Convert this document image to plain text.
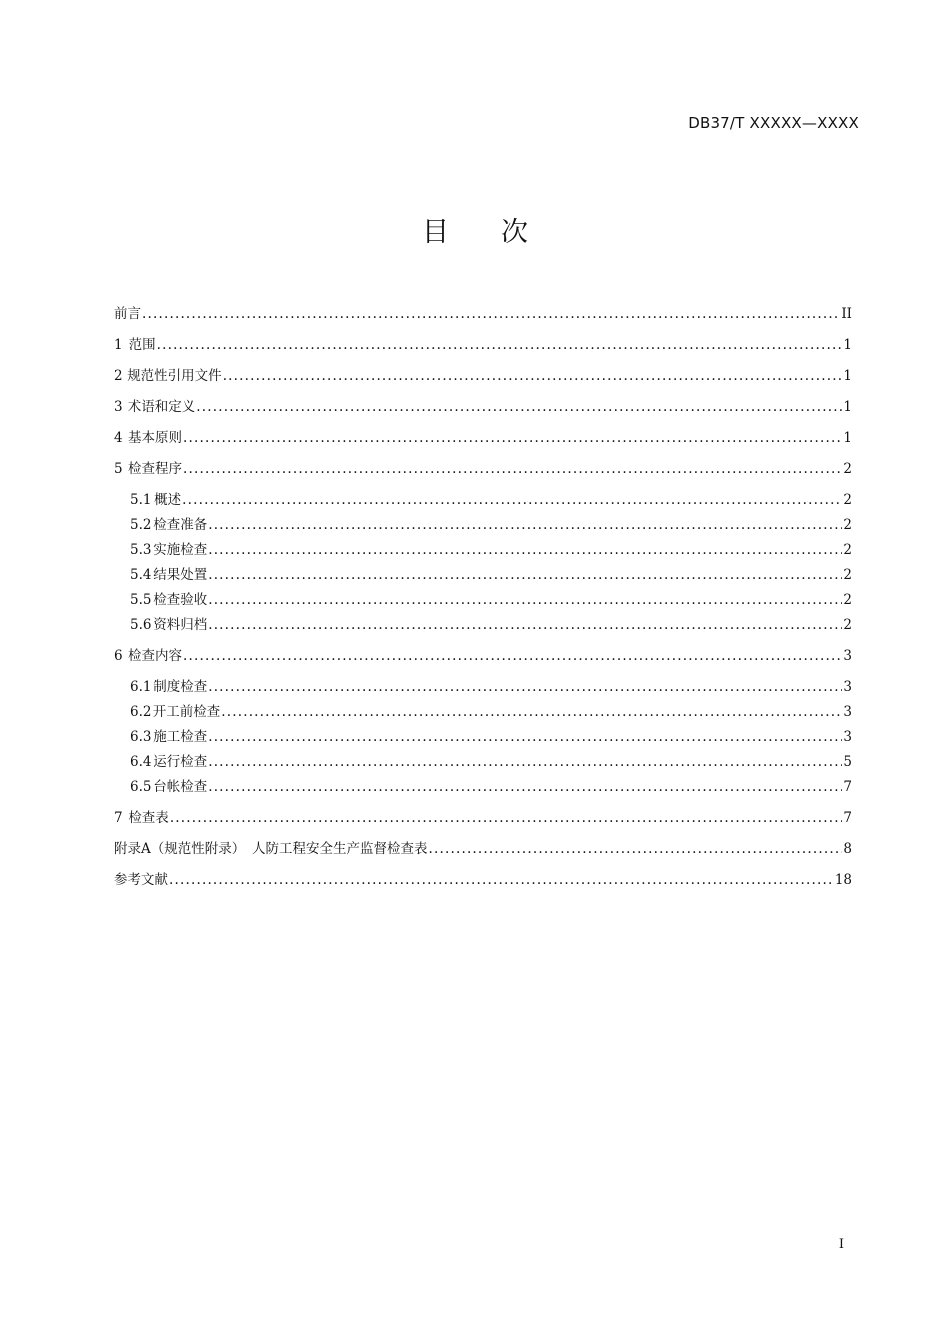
DB37/T XXXXX—XXXX
目 次
前言 .....	II
1 范围 .....	1
2 规范性引用文件 .....	1
3 术语和定义 .....	1
4 基本原则 .....	1
5 检查程序 .....	2
5.1 概述 .....	2
5.2 检查准备 .....	2
5.3 实施检查 .....	2
5.4 结果处置 .....	2
5.5 检查验收 .....	2
5.6 资料归档 .....	2
6 检查内容 .....	3
6.1 制度检查 .....	3
6.2 开工前检查 .....	3
6.3 施工检查 .....	3
6.4 运行检查 .....	5
6.5 台帐检查 .....	7
7 检查表 .....	7
附录A（规范性附录）　人防工程安全生产监督检查表 .....	8
参考文献 .....	18
I
